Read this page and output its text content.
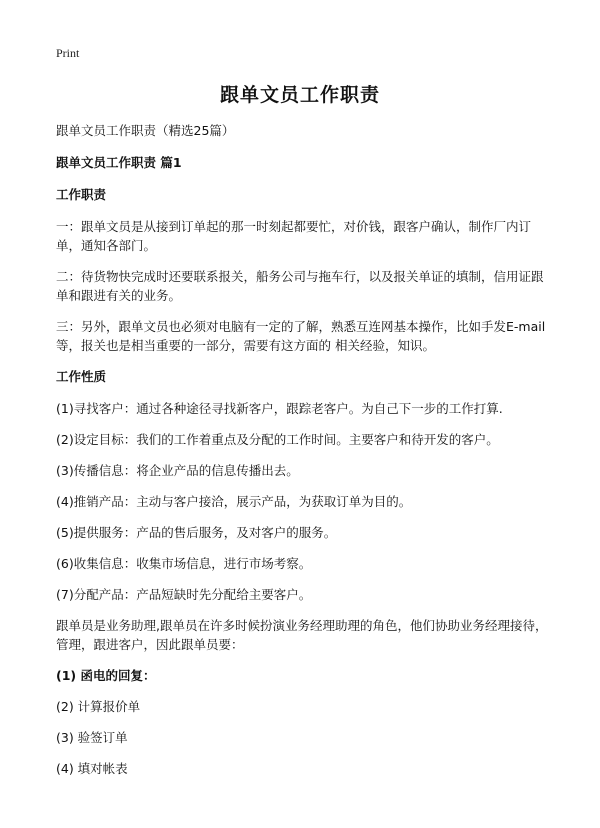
Print
跟单文员工作职责

跟单文员工作职责（精选25篇）

跟单文员工作职责 篇1

工作职责

一：跟单文员是从接到订单起的那一时刻起都要忙，对价钱，跟客户确认，制作厂内订单，通知各部门。

二：待货物快完成时还要联系报关，船务公司与拖车行，以及报关单证的填制，信用证跟单和跟进有关的业务。

三：另外，跟单文员也必须对电脑有一定的了解，熟悉互连网基本操作，比如手发E-mail 等，报关也是相当重要的一部分，需要有这方面的 相关经验，知识。

工作性质

(1)寻找客户：通过各种途径寻找新客户，跟踪老客户。为自己下一步的工作打算.

(2)设定目标：我们的工作着重点及分配的工作时间。主要客户和待开发的客户。

(3)传播信息：将企业产品的信息传播出去。

(4)推销产品：主动与客户接洽，展示产品，为获取订单为目的。

(5)提供服务：产品的售后服务，及对客户的服务。

(6)收集信息：收集市场信息，进行市场考察。

(7)分配产品：产品短缺时先分配给主要客户。

跟单员是业务助理,跟单员在许多时候扮演业务经理助理的角色，他们协助业务经理接待，管理，跟进客户，因此跟单员要：

(1) 函电的回复：

(2) 计算报价单

(3) 验签订单

(4) 填对帐表
